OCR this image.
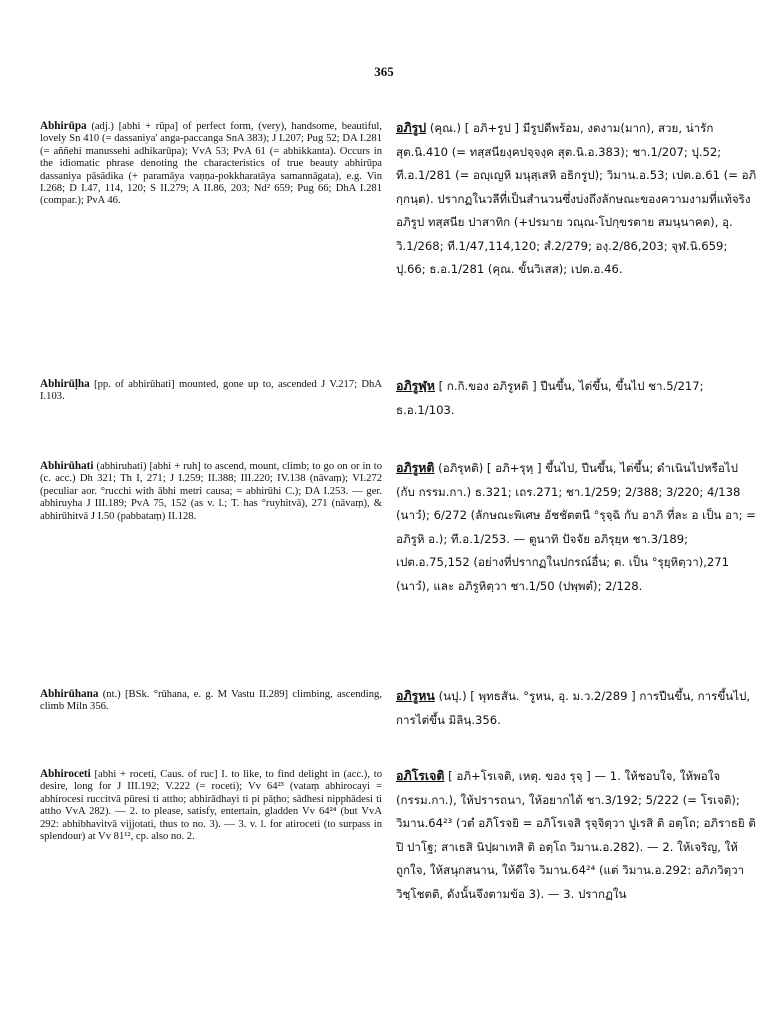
365

Abhirūpa (adj.) [abhi + rūpa] of perfect form, (very), handsome, beautiful, lovely Sn 410 (= dassaniya' anga-paccanga SnA 383); J I.207; Pug 52; DA I.281 (= aññehi manussehi adhikarūpa); VvA 53; PvA 61 (= abhikkanta). Occurs in the idiomatic phrase denoting the characteristics of true beauty abhirūpa dassaniya pāsādika (+ paramāya vaṇṇa-pokkharatāya samannāgata), e.g. Vin I.268; D I.47, 114, 120; S II.279; A II.86, 203; Nd² 659; Pug 66; DhA I.281 (compar.); PvA 46.

อภิรูป (คุณ.) [ อภิ+รูป ] มีรูปดีพร้อม, งดงาม(มาก), สวย, น่ารัก สุต.นิ.410 (= ทสฺสนียงฺคปจฺจงฺค สุต.นิ.อ.383); ชา.1/207; ปุ.52; ที.อ.1/281 (= อญฺเญหิ มนุสฺเสหิ อธิกรูป); วิมาน.อ.53; เปต.อ.61 (= อภิกฺกนฺต). ปรากฏในวลีที่เป็นสำนวนซึ่งบ่งถึงลักษณะของความงามที่แท้จริง อภิรูป ทสฺสนีย ปาสาทิก (+ปรมาย วณฺณ-โปกฺขรตาย สมนฺนาคต), อุ. วิ.1/268; ที.1/47,114,120; สํ.2/279; องฺ.2/86,203; จุฬ.นิ.659; ปุ.66; ธ.อ.1/281 (คุณ. ขั้นวิเสส); เปต.อ.46.

Abhirūḷha [pp. of abhirūhati] mounted, gone up to, ascended J V.217; DhA I.103.

อภิรูฬฺห [ ก.กิ.ของ อภิรูหติ ] ปีนขึ้น, ไต่ขึ้น, ขึ้นไป ชา.5/217; ธ.อ.1/103.

Abhirūhati (abhiruhati) [abhi + ruh] to ascend, mount, climb; to go on or in to (c. acc.) Dh 321; Th I, 271; J I.259; II.388; III.220; IV.138 (nāvaṃ); VI.272 (peculiar aor. °rucchi with ābhi metri causa; = abhirūhi C.); DA I.253. — ger. abhiruyha J III.189; PvA 75, 152 (as v. l.; T. has °ruyhitvā), 271 (nāvaṃ), & abhirūhitvā J I.50 (pabbataṃ) II.128.

อภิรูหติ (อภิรุหติ) [ อภิ+รุหฺ ] ขึ้นไป, ปีนขึ้น, ไต่ขึ้น; ดำเนินไปหรือไป (กับ กรรม.กา.) ธ.321; เถร.271; ชา.1/259; 2/388; 3/220; 4/138 (นาวํ); 6/272 (ลักษณะพิเศษ อัชชัตตนี °รุจฺฉิ กับ อาภิ ที่ละ อ เป็น อา; = อภิรูหิ อ.); ที.อ.1/253. — ตูนาทิ ปัจจัย อภิรุยฺห ชา.3/189; เปต.อ.75,152 (อย่างที่ปรากฏในปกรณ์อื่น; ต. เป็น °รุยฺหิตฺวา),271 (นาวํ), และ อภิรูหิตฺวา ชา.1/50 (ปพฺพตํ); 2/128.

Abhirūhana (nt.) [BSk. °rūhana, e. g. M Vastu II.289] climbing, ascending, climb Miln 356.

อภิรูหน (นปุ.) [ พุทธสัน. °รูหน, อุ. ม.ว.2/289 ] การปีนขึ้น, การขึ้นไป, การไต่ขึ้น มิลินฺ.356.

Abhiroceti [abhi + roceti, Caus. of ruc] I. to like, to find delight in (acc.), to desire, long for J III.192; V.222 (= roceti); Vv 64²³ (vataṃ abhirocayi = abhirocesi ruccitvā pūresi ti attho; abhirādhayi ti pi pāṭho; sādhesi nipphādesi ti attho VvA 282). — 2. to please, satisfy, entertain, gladden Vv 64²⁴ (but VvA 292: abhibhavitvā vijjotati, thus to no. 3). — 3. v. l. for atiroceti (to surpass in splendour) at Vv 81¹², cp. also no. 2.

อภิโรเจติ [ อภิ+โรเจติ, เหตุ. ของ รุจฺ ] — 1. ให้ชอบใจ, ให้พอใจ (กรรม.กา.), ให้ปรารถนา, ให้อยากได้ ชา.3/192; 5/222 (= โรเจติ); วิมาน.64²³ (วตํ อภิโรจยิ = อภิโรเจสิ รุจฺจิตฺวา ปูเรสิ ติ อตฺโถ; อภิราธยิ ติ ปิ ปาโฐ; สาเธสิ นิปฺผาเทสิ ติ อตฺโถ วิมาน.อ.282). — 2. ให้เจริญ, ให้ถูกใจ, ให้สนุกสนาน, ให้ดีใจ วิมาน.64²⁴ (แต่ วิมาน.อ.292: อภิภวิตฺวา วิชฺโชตติ, ดังนั้นจึงตามข้อ 3). — 3. ปรากฏใน
